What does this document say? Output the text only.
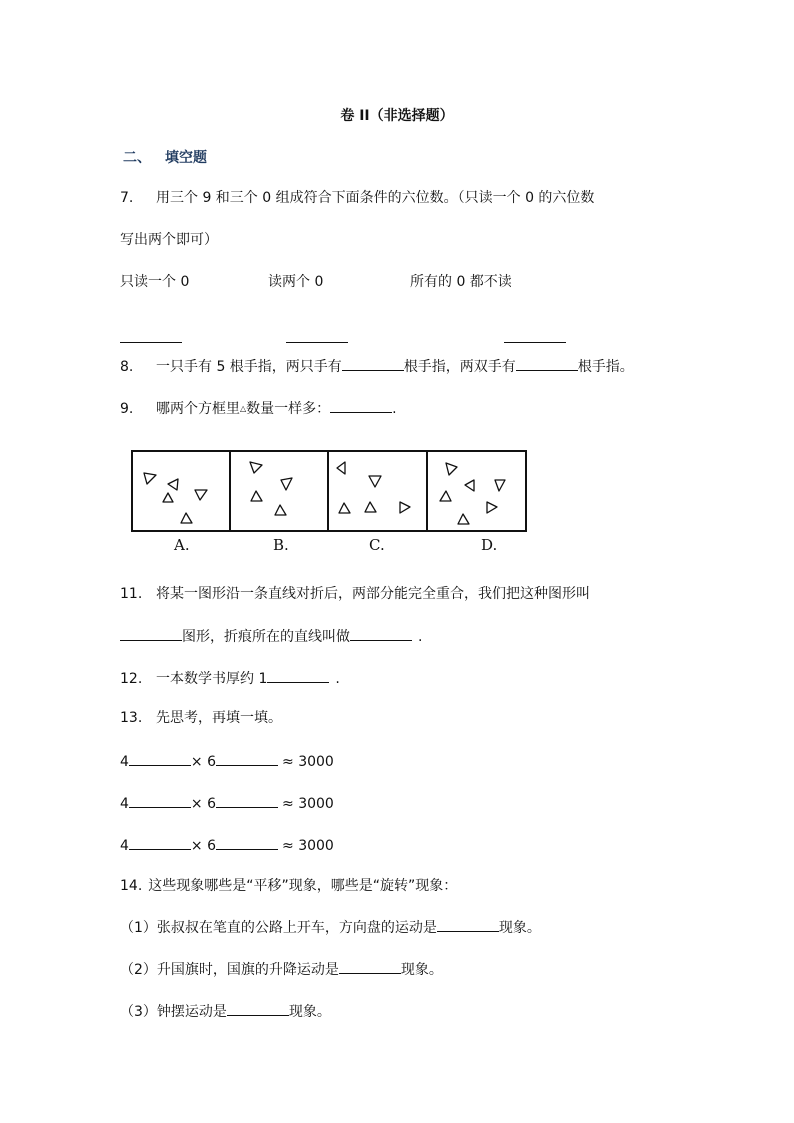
卷 II（非选择题）
二、 填空题
7. 用三个 9 和三个 0 组成符合下面条件的六位数。（只读一个 0 的六位数
写出两个即可）
只读一个 0	读两个 0	所有的 0 都不读
8. 一只手有 5 根手指，两只手有	根手指，两双手有	根手指。
9. 哪两个方框里△数量一样多：	.
A.	B.	C.	D.
11. 将某一图形沿一条直线对折后，两部分能完全重合，我们把这种图形叫
图形，折痕所在的直线叫做	.
12. 一本数学书厚约 1	.
13. 先思考，再填一填。
4	× 6	≈ 3000
4	× 6	≈ 3000
4	× 6	≈ 3000
14. 这些现象哪些是“平移”现象，哪些是“旋转”现象：
（1）张叔叔在笔直的公路上开车，方向盘的运动是	现象。
（2）升国旗时，国旗的升降运动是	现象。
（3）钟摆运动是	现象。
